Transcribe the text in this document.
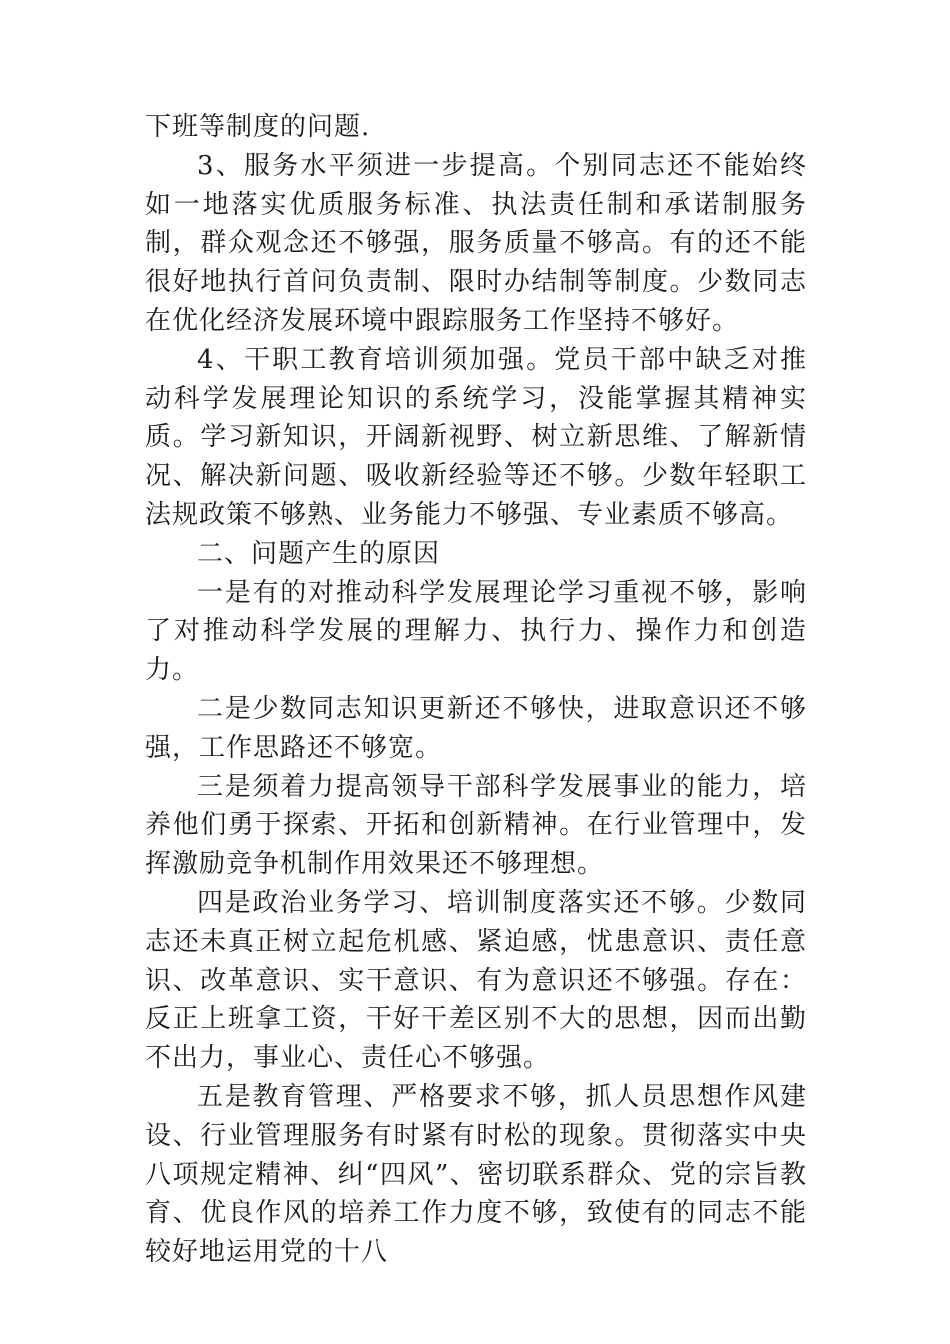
下班等制度的问题.

3、服务水平须进一步提高。个别同志还不能始终如一地落实优质服务标准、执法责任制和承诺制服务制，群众观念还不够强，服务质量不够高。有的还不能很好地执行首问负责制、限时办结制等制度。少数同志在优化经济发展环境中跟踪服务工作坚持不够好。

4、干职工教育培训须加强。党员干部中缺乏对推动科学发展理论知识的系统学习，没能掌握其精神实质。学习新知识，开阔新视野、树立新思维、了解新情况、解决新问题、吸收新经验等还不够。少数年轻职工法规政策不够熟、业务能力不够强、专业素质不够高。

二、问题产生的原因

一是有的对推动科学发展理论学习重视不够，影响了对推动科学发展的理解力、执行力、操作力和创造力。

二是少数同志知识更新还不够快，进取意识还不够强，工作思路还不够宽。

三是须着力提高领导干部科学发展事业的能力，培养他们勇于探索、开拓和创新精神。在行业管理中，发挥激励竞争机制作用效果还不够理想。

四是政治业务学习、培训制度落实还不够。少数同志还未真正树立起危机感、紧迫感，忧患意识、责任意识、改革意识、实干意识、有为意识还不够强。存在：反正上班拿工资，干好干差区别不大的思想，因而出勤不出力，事业心、责任心不够强。

五是教育管理、严格要求不够，抓人员思想作风建设、行业管理服务有时紧有时松的现象。贯彻落实中央八项规定精神、纠“四风”、密切联系群众、党的宗旨教育、优良作风的培养工作力度不够，致使有的同志不能较好地运用党的十八
